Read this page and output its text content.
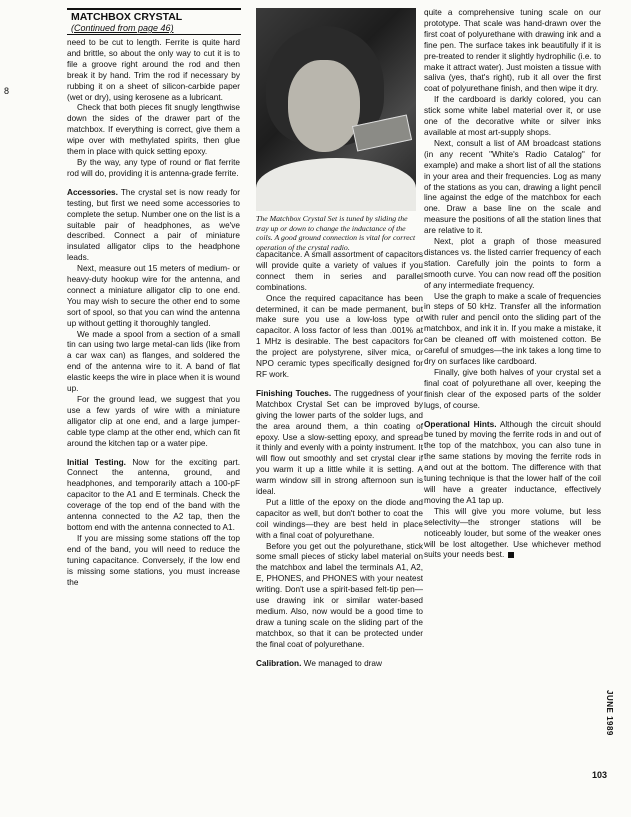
8
MATCHBOX CRYSTAL
(Continued from page 46)

need to be cut to length. Ferrite is quite hard and brittle, so about the only way to cut it is to file a groove right around the rod and then break it by hand. Trim the rod if necessary by rubbing it on a sheet of silicon-carbide paper (wet or dry), using kerosene as a lubricant.

Check that both pieces fit snugly lengthwise down the sides of the drawer part of the matchbox. If everything is correct, give them a wipe over with methylated spirits, then glue them in place with quick setting epoxy.

By the way, any type of round or flat ferrite rod will do, providing it is antenna-grade ferrite.

Accessories. The crystal set is now ready for testing, but first we need some accessories to complete the setup. Number one on the list is a suitable pair of headphones, as we've described. Connect a pair of miniature insulated alligator clips to the headphone leads.

Next, measure out 15 meters of medium- or heavy-duty hookup wire for the antenna, and connect a miniature alligator clip to one end. You may wish to secure the other end to some sort of spool, so that you can wind the antenna up without getting it thoroughly tangled.

We made a spool from a section of a small tin can using two large metal-can lids (like from a car wax can) as flanges, and soldered the end of the antenna wire to it. A band of flat elastic keeps the wire in place when it is wound up.

For the ground lead, we suggest that you use a few yards of wire with a miniature alligator clip at one end, and a large jumper-cable type clamp at the other end, which can fit around the kitchen tap or a water pipe.

Initial Testing. Now for the exciting part. Connect the antenna, ground, and headphones, and temporarily attach a 100-pF capacitor to the A1 and E terminals. Check the coverage of the top end of the band with the antenna connected to the A2 tap, then the bottom end with the antenna connected to A1.

If you are missing some stations off the top end of the band, you will need to reduce the tuning capacitance. Conversely, if the low end is missing some stations, you must increase the

The Matchbox Crystal Set is tuned by sliding the tray up or down to change the inductance of the coils. A good ground connection is vital for correct operation of the crystal radio.

capacitance. A small assortment of capacitors will provide quite a variety of values if you connect them in series and parallel combinations.

Once the required capacitance has been determined, it can be made permanent, but make sure you use a low-loss type of capacitor. A loss factor of less than .001% at 1 MHz is desirable. The best capacitors for the project are polystyrene, silver mica, or NPO ceramic types specifically designed for RF work.

Finishing Touches. The ruggedness of your Matchbox Crystal Set can be improved by giving the lower parts of the solder lugs, and the area around them, a thin coating of epoxy. Use a slow-setting epoxy, and spread it thinly and evenly with a pointy instrument. It will flow out smoothly and set crystal clear if you warm it up a little while it is setting. A warm window sill in strong afternoon sun is ideal.

Put a little of the epoxy on the diode and capacitor as well, but don't bother to coat the coil windings—they are best held in place with a final coat of polyurethane.

Before you get out the polyurethane, stick some small pieces of sticky label material on the matchbox and label the terminals A1, A2, E, PHONES, and PHONES with your neatest writing. Don't use a spirit-based felt-tip pen—use drawing ink or similar water-based medium. Also, now would be a good time to draw a tuning scale on the sliding part of the matchbox, so that it can be protected under the final coat of polyurethane.

Calibration. We managed to draw

quite a comprehensive tuning scale on our prototype. That scale was hand-drawn over the first coat of polyurethane with drawing ink and a fine pen. The surface takes ink beautifully if it is pre-treated to render it slightly hydrophilic (i.e. to make it attract water). Just moisten a tissue with saliva (yes, that's right), rub it all over the first coat of polyurethane finish, and then wipe it dry.

If the cardboard is darkly colored, you can stick some white label material over it, or use one of the decorative white or silver inks available at most art-supply shops.

Next, consult a list of AM broadcast stations (in any recent "White's Radio Catalog" for example) and make a short list of all the stations in your area and their frequencies. Log as many of the stations as you can, drawing a light pencil line against the edge of the matchbox for each one. Draw a base line on the scale and measure the positions of all the station lines that are relative to it.

Next, plot a graph of those measured distances vs. the listed carrier frequency of each station. Carefully join the points to form a smooth curve. You can now read off the position of any intermediate frequency.

Use the graph to make a scale of frequencies in steps of 50 kHz. Transfer all the information with ruler and pencil onto the sliding part of the matchbox, and ink it in. If you make a mistake, it can be cleaned off with moistened cotton. Be careful of smudges—the ink takes a long time to dry on surfaces like cardboard.

Finally, give both halves of your crystal set a final coat of polyurethane all over, keeping the finish clear of the exposed parts of the solder lugs, of course.

Operational Hints. Although the circuit should be tuned by moving the ferrite rods in and out of the top of the matchbox, you can also tune in the same stations by moving the ferrite rods in and out at the bottom. The difference with that tuning technique is that the lower half of the coil will have a greater inductance, effectively moving the A1 tap up.

This will give you more volume, but less selectivity—the stronger stations will be noticeably louder, but some of the weaker ones will be lost altogether. Use whichever method suits your needs best.

JUNE 1989
103
